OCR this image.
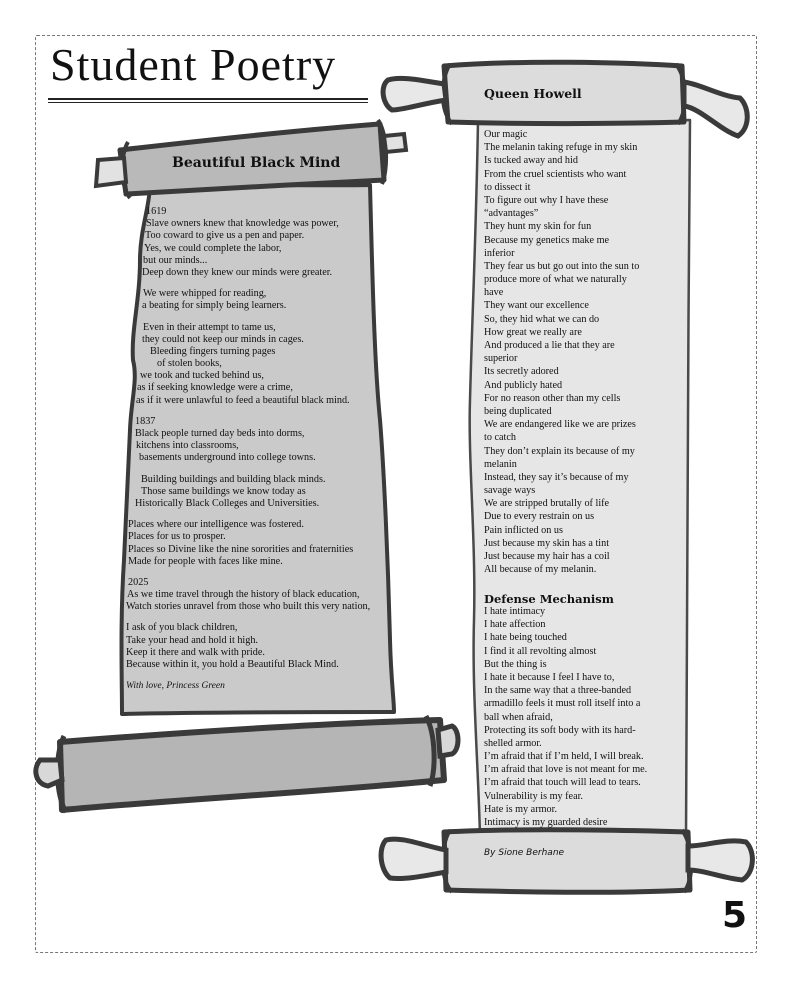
Student Poetry
Beautiful Black Mind
1619
Slave owners knew that knowledge was power,
Too coward to give us a pen and paper.
Yes, we could complete the labor,
but our minds...
Deep down they knew our minds were greater.
We were whipped for reading,
a beating for simply being learners.
Even in their attempt to tame us,
they could not keep our minds in cages.
Bleeding fingers turning pages
of stolen books,
we took and tucked behind us,
as if seeking knowledge were a crime,
as if it were unlawful to feed a beautiful black mind.
1837
Black people turned day beds into dorms,
kitchens into classrooms,
basements underground into college towns.
Building buildings and building black minds.
Those same buildings we know today as
Historically Black Colleges and Universities.
Places where our intelligence was fostered.
Places for us to prosper.
Places so Divine like the nine sororities and fraternities
Made for people with faces like mine.
2025
As we time travel through the history of black education,
Watch stories unravel from those who built this very nation,
I ask of you black children,
Take your head and hold it high.
Keep it there and walk with pride.
Because within it, you hold a Beautiful Black Mind.
With love, Princess Green
Queen Howell
Our magic
The melanin taking refuge in my skin
Is tucked away and hid
From the cruel scientists who want
to dissect it
To figure out why I have these
“advantages”
They hunt my skin for fun
Because my genetics make me
inferior
They fear us but go out into the sun to
produce more of what we naturally
have
They want our excellence
So, they hid what we can do
How great we really are
And produced a lie that they are
superior
Its secretly adored
And publicly hated
For no reason other than my cells
being duplicated
We are endangered like we are prizes
to catch
They don’t explain its because of my
melanin
Instead, they say it’s because of my
savage ways
We are stripped brutally of life
Due to every restrain on us
Pain inflicted on us
Just because my skin has a tint
Just because my hair has a coil
All because of my melanin.
Defense Mechanism
I hate intimacy
I hate affection
I hate being touched
I find it all revolting almost
But the thing is
I hate it because I feel I have to,
In the same way that a three-banded
armadillo feels it must roll itself into a
ball when afraid,
Protecting its soft body with its hard-
shelled armor.
I’m afraid that if I’m held, I will break.
I’m afraid that love is not meant for me.
I’m afraid that touch will lead to tears.
Vulnerability is my fear.
Hate is my armor.
Intimacy is my guarded desire
By Sione Berhane
5
